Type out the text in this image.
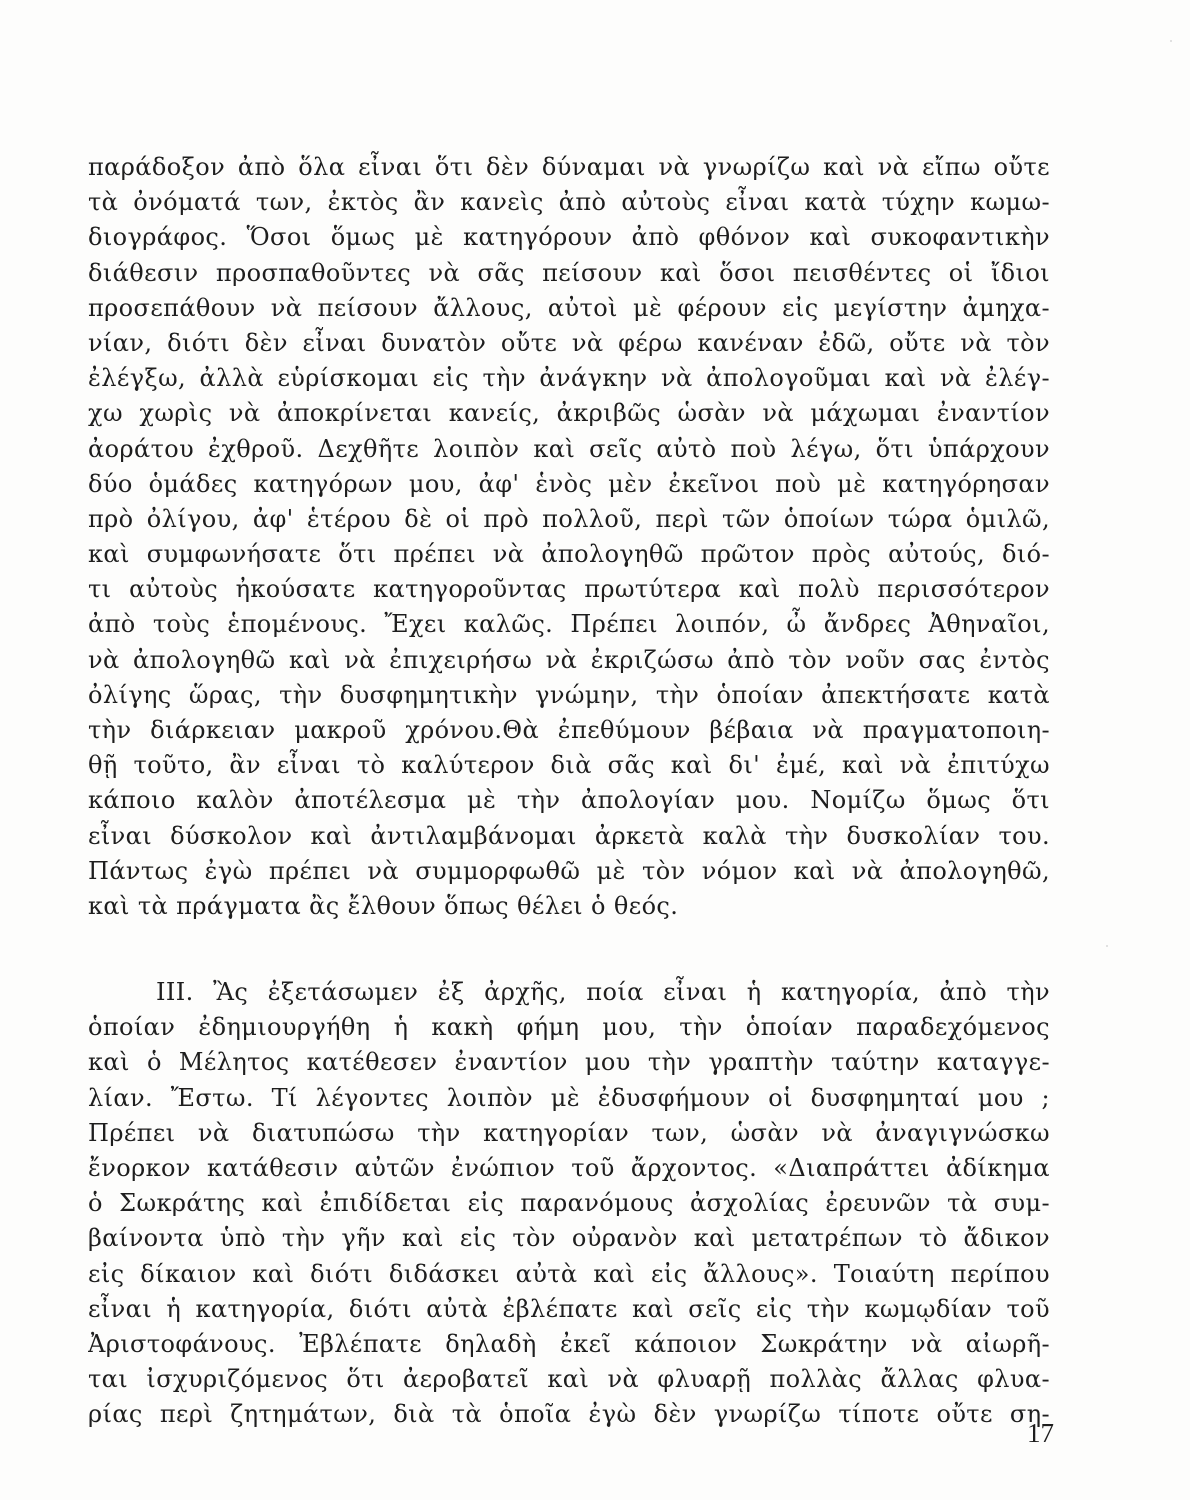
παράδοξον ἀπὸ ὅλα εἶναι ὅτι δὲν δύναμαι νὰ γνωρίζω καὶ νὰ εἴπω οὔτε
τὰ ὀνόματά των, ἐκτὸς ἂν κανεὶς ἀπὸ αὐτοὺς εἶναι κατὰ τύχην κωμω-
διογράφος. Ὅσοι ὅμως μὲ κατηγόρουν ἀπὸ φθόνον καὶ συκοφαντικὴν
διάθεσιν προσπαθοῦντες νὰ σᾶς πείσουν καὶ ὅσοι πεισθέντες οἱ ἴδιοι
προσεπάθουν νὰ πείσουν ἄλλους, αὐτοὶ μὲ φέρουν εἰς μεγίστην ἀμηχα-
νίαν, διότι δὲν εἶναι δυνατὸν οὔτε νὰ φέρω κανέναν ἐδῶ, οὔτε νὰ τὸν
ἐλέγξω, ἀλλὰ εὑρίσκομαι εἰς τὴν ἀνάγκην νὰ ἀπολογοῦμαι καὶ νὰ ἐλέγ-
χω χωρὶς νὰ ἀποκρίνεται κανείς, ἀκριβῶς ὡσὰν νὰ μάχωμαι ἐναντίον
ἀοράτου ἐχθροῦ. Δεχθῆτε λοιπὸν καὶ σεῖς αὐτὸ ποὺ λέγω, ὅτι ὑπάρχουν
δύο ὁμάδες κατηγόρων μου, ἀφ' ἑνὸς μὲν ἐκεῖνοι ποὺ μὲ κατηγόρησαν
πρὸ ὀλίγου, ἀφ' ἑτέρου δὲ οἱ πρὸ πολλοῦ, περὶ τῶν ὁποίων τώρα ὁμιλῶ,
καὶ συμφωνήσατε ὅτι πρέπει νὰ ἀπολογηθῶ πρῶτον πρὸς αὐτούς, διό-
τι αὐτοὺς ἠκούσατε κατηγοροῦντας πρωτύτερα καὶ πολὺ περισσότερον
ἀπὸ τοὺς ἑπομένους. Ἔχει καλῶς. Πρέπει λοιπόν, ὦ ἄνδρες Ἀθηναῖοι,
νὰ ἀπολογηθῶ καὶ νὰ ἐπιχειρήσω νὰ ἐκριζώσω ἀπὸ τὸν νοῦν σας ἐντὸς
ὀλίγης ὥρας, τὴν δυσφημητικὴν γνώμην, τὴν ὁποίαν ἀπεκτήσατε κατὰ
τὴν διάρκειαν μακροῦ χρόνου.Θὰ ἐπεθύμουν βέβαια νὰ πραγματοποιη-
θῇ τοῦτο, ἂν εἶναι τὸ καλύτερον διὰ σᾶς καὶ δι' ἐμέ, καὶ νὰ ἐπιτύχω
κάποιο καλὸν ἀποτέλεσμα μὲ τὴν ἀπολογίαν μου. Νομίζω ὅμως ὅτι
εἶναι δύσκολον καὶ ἀντιλαμβάνομαι ἀρκετὰ καλὰ τὴν δυσκολίαν του.
Πάντως ἐγὼ πρέπει νὰ συμμορφωθῶ μὲ τὸν νόμον καὶ νὰ ἀπολογηθῶ,
καὶ τὰ πράγματα ἂς ἔλθουν ὅπως θέλει ὁ θεός.
III. Ἂς ἐξετάσωμεν ἐξ ἀρχῆς, ποία εἶναι ἡ κατηγορία, ἀπὸ τὴν
ὁποίαν ἐδημιουργήθη ἡ κακὴ φήμη μου, τὴν ὁποίαν παραδεχόμενος
καὶ ὁ Μέλητος κατέθεσεν ἐναντίον μου τὴν γραπτὴν ταύτην καταγγε-
λίαν. Ἔστω. Τί λέγοντες λοιπὸν μὲ ἐδυσφήμουν οἱ δυσφημηταί μου ;
Πρέπει νὰ διατυπώσω τὴν κατηγορίαν των, ὡσὰν νὰ ἀναγιγνώσκω
ἔνορκον κατάθεσιν αὐτῶν ἐνώπιον τοῦ ἄρχοντος. «Διαπράττει ἀδίκημα
ὁ Σωκράτης καὶ ἐπιδίδεται εἰς παρανόμους ἀσχολίας ἐρευνῶν τὰ συμ-
βαίνοντα ὑπὸ τὴν γῆν καὶ εἰς τὸν οὐρανὸν καὶ μετατρέπων τὸ ἄδικον
εἰς δίκαιον καὶ διότι διδάσκει αὐτὰ καὶ εἰς ἄλλους». Τοιαύτη περίπου
εἶναι ἡ κατηγορία, διότι αὐτὰ ἐβλέπατε καὶ σεῖς εἰς τὴν κωμῳδίαν τοῦ
Ἀριστοφάνους. Ἐβλέπατε δηλαδὴ ἐκεῖ κάποιον Σωκράτην νὰ αἰωρῆ-
ται ἰσχυριζόμενος ὅτι ἀεροβατεῖ καὶ νὰ φλυαρῇ πολλὰς ἄλλας φλυα-
ρίας περὶ ζητημάτων, διὰ τὰ ὁποῖα ἐγὼ δὲν γνωρίζω τίποτε οὔτε ση-
17
